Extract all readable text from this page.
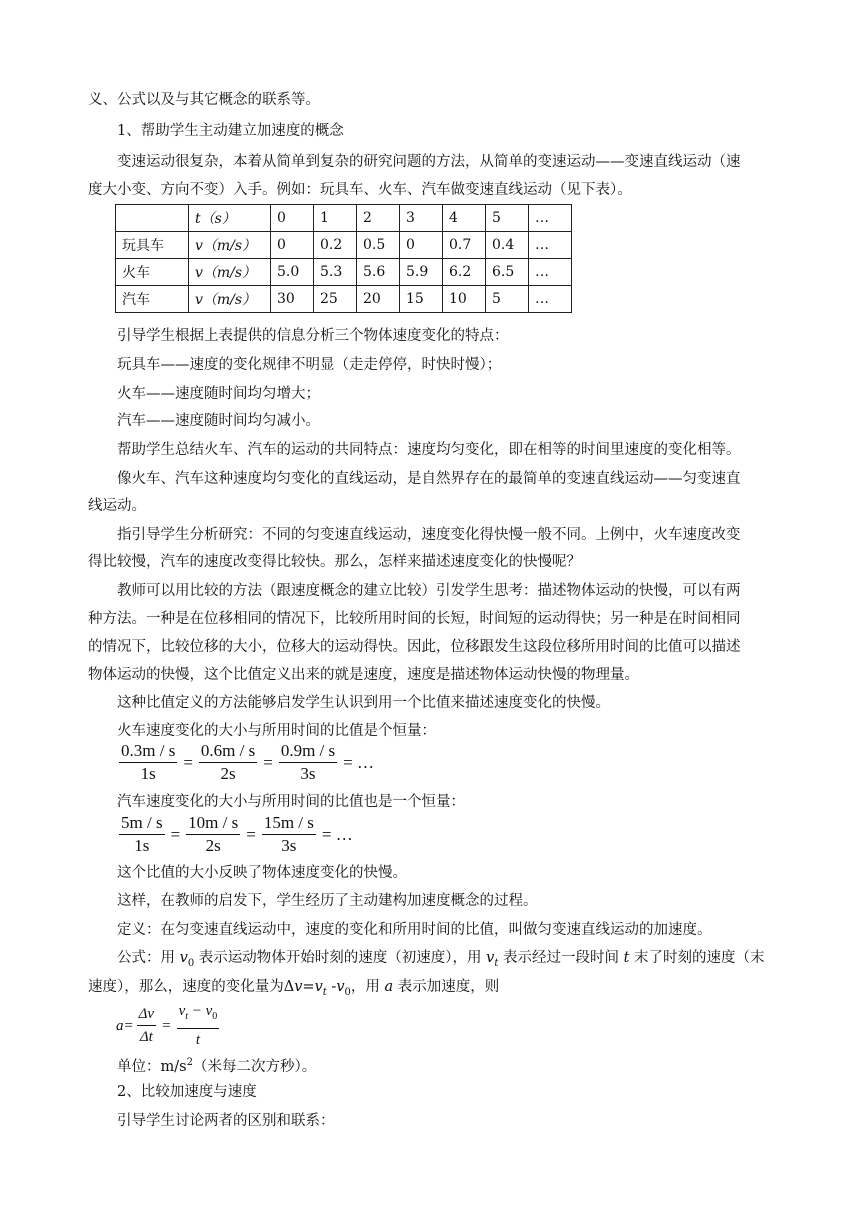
义、公式以及与其它概念的联系等。
1、帮助学生主动建立加速度的概念
变速运动很复杂，本着从简单到复杂的研究问题的方法，从简单的变速运动——变速直线运动（速
度大小变、方向不变）入手。例如：玩具车、火车、汽车做变速直线运动（见下表）。
	t（s）	0	1	2	3	4	5	…
玩具车	v（m/s）	0	0.2	0.5	0	0.7	0.4	…
火车	v（m/s）	5.0	5.3	5.6	5.9	6.2	6.5	…
汽车	v（m/s）	30	25	20	15	10	5	…
引导学生根据上表提供的信息分析三个物体速度变化的特点：
玩具车——速度的变化规律不明显（走走停停，时快时慢）；
火车——速度随时间均匀增大；
汽车——速度随时间均匀减小。
帮助学生总结火车、汽车的运动的共同特点：速度均匀变化，即在相等的时间里速度的变化相等。
像火车、汽车这种速度均匀变化的直线运动，是自然界存在的最简单的变速直线运动——匀变速直
线运动。
指引导学生分析研究：不同的匀变速直线运动，速度变化得快慢一般不同。上例中，火车速度改变
得比较慢，汽车的速度改变得比较快。那么，怎样来描述速度变化的快慢呢？
教师可以用比较的方法（跟速度概念的建立比较）引发学生思考：描述物体运动的快慢，可以有两
种方法。一种是在位移相同的情况下，比较所用时间的长短，时间短的运动得快；另一种是在时间相同
的情况下，比较位移的大小，位移大的运动得快。因此，位移跟发生这段位移所用时间的比值可以描述
物体运动的快慢，这个比值定义出来的就是速度，速度是描述物体运动快慢的物理量。
这种比值定义的方法能够启发学生认识到用一个比值来描述速度变化的快慢。
火车速度变化的大小与所用时间的比值是个恒量：
$\frac{0.3m / s}{1s} = \frac{0.6m / s}{2s} = \frac{0.9m / s}{3s}$ = …
汽车速度变化的大小与所用时间的比值也是一个恒量：
$\frac{5m / s}{1s} = \frac{10m / s}{2s} = \frac{15m / s}{3s}$ = …
这个比值的大小反映了物体速度变化的快慢。
这样，在教师的启发下，学生经历了主动建构加速度概念的过程。
定义：在匀变速直线运动中，速度的变化和所用时间的比值，叫做匀变速直线运动的加速度。
公式：用 $v_0$ 表示运动物体开始时刻的速度（初速度），用 $v_t$ 表示经过一段时间 t 末了时刻的速度（末
速度），那么，速度的变化量为$\Delta v=v_t$ $-v_0$，用 a 表示加速度，则
$a= \frac{\Delta v}{\Delta t} = \frac{v_t - v_0}{t}$
单位：$m/s^2$（米每二次方秒）。
2、比较加速度与速度
引导学生讨论两者的区别和联系：
